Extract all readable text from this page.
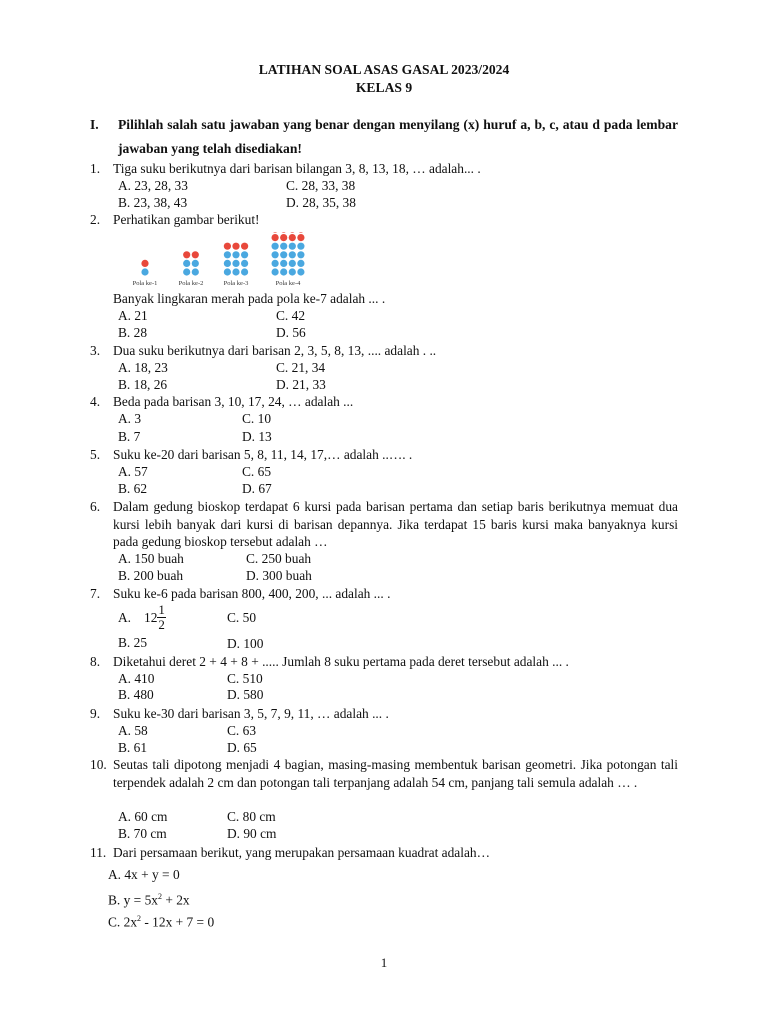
LATIHAN SOAL ASAS GASAL 2023/2024
KELAS 9
I. Pilihlah salah satu jawaban yang benar dengan menyilang (x) huruf a, b, c, atau d pada lembar jawaban yang telah disediakan!
1. Tiga suku berikutnya dari barisan bilangan 3, 8, 13, 18, … adalah... .
A. 23, 28, 33	C. 28, 33, 38
B. 23, 38, 43	D. 28, 35, 38
2. Perhatikan gambar berikut!
Pola ke-1	Pola ke-2	Pola ke-3	Pola ke-4
Banyak lingkaran merah pada pola ke-7 adalah ... .
A. 21	C. 42
B. 28	D. 56
3. Dua suku berikutnya dari barisan 2, 3, 5, 8, 13, .... adalah . ..
A. 18, 23	C. 21, 34
B. 18, 26	D. 21, 33
4. Beda pada barisan 3, 10, 17, 24, … adalah ...
A. 3	C. 10
B. 7	D. 13
5. Suku ke-20 dari barisan 5, 8, 11, 14, 17,… adalah ..…. .
A. 57	C. 65
B. 62	D. 67
6. Dalam gedung bioskop terdapat 6 kursi pada barisan pertama dan setiap baris berikutnya memuat dua kursi lebih banyak dari kursi di barisan depannya. Jika terdapat 15 baris kursi maka banyaknya kursi pada gedung bioskop tersebut adalah …
A. 150 buah	C. 250 buah
B. 200 buah	D. 300 buah
7. Suku ke-6 pada barisan 800, 400, 200, ... adalah ... .
A. $12 \frac{1}{2}$	C. 50
B. 25	D. 100
8. Diketahui deret 2 + 4 + 8 + ..... Jumlah 8 suku pertama pada deret tersebut adalah ... .
A. 410	C. 510
B. 480	D. 580
9. Suku ke-30 dari barisan 3, 5, 7, 9, 11, … adalah ... .
A. 58	C. 63
B. 61	D. 65
10. Seutas tali dipotong menjadi 4 bagian, masing-masing membentuk barisan geometri. Jika potongan tali terpendek adalah 2 cm dan potongan tali terpanjang adalah 54 cm, panjang tali semula adalah … .
A. 60 cm	C. 80 cm
B. 70 cm	D. 90 cm
11. Dari persamaan berikut, yang merupakan persamaan kuadrat adalah…
A. 4x + y = 0
B. $y = 5x^2 + 2x$
C. $2x^2 - 12x + 7 = 0$
1
